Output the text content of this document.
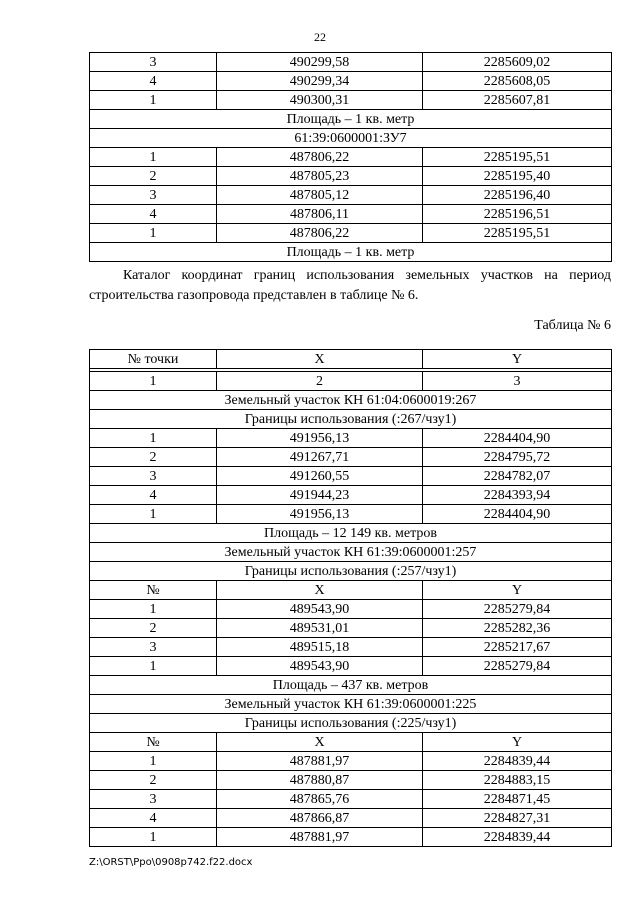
22
3	490299,58	2285609,02
4	490299,34	2285608,05
1	490300,31	2285607,81
Площадь – 1 кв. метр		
61:39:0600001:ЗУ7		
1	487806,22	2285195,51
2	487805,23	2285195,40
3	487805,12	2285196,40
4	487806,11	2285196,51
1	487806,22	2285195,51
Площадь – 1 кв. метр		

Каталог координат границ использования земельных участков на период строительства газопровода представлен в таблице № 6.

Таблица № 6

№ точки	X	Y

1	2	3
Земельный участок КН 61:04:0600019:267		
Границы использования (:267/чзу1)		
1	491956,13	2284404,90
2	491267,71	2284795,72
3	491260,55	2284782,07
4	491944,23	2284393,94
1	491956,13	2284404,90
Площадь – 12 149 кв. метров		
Земельный участок КН 61:39:0600001:257		
Границы использования (:257/чзу1)		
№	X	Y
1	489543,90	2285279,84
2	489531,01	2285282,36
3	489515,18	2285217,67
1	489543,90	2285279,84
Площадь – 437 кв. метров		
Земельный участок КН 61:39:0600001:225		
Границы использования (:225/чзу1)		
№	X	Y
1	487881,97	2284839,44
2	487880,87	2284883,15
3	487865,76	2284871,45
4	487866,87	2284827,31
1	487881,97	2284839,44
Z:\ORST\Ppo\0908p742.f22.docx
